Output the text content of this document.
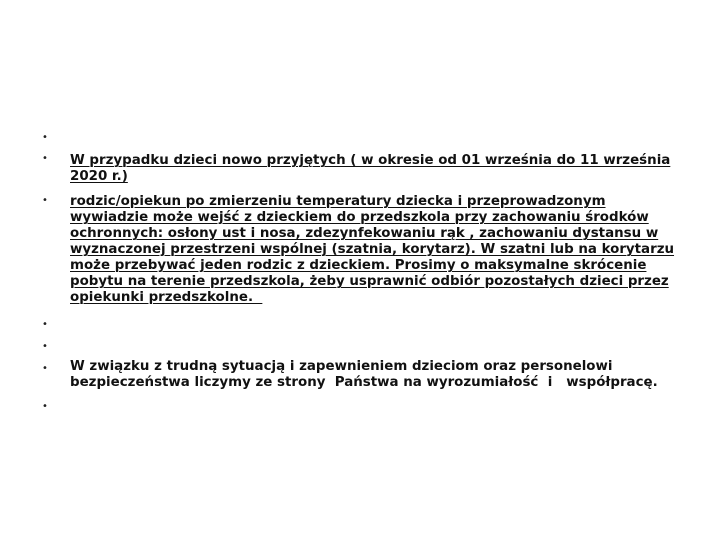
•
•
•
•
•
•
•

W przypadku dzieci nowo przyjętych ( w okresie od 01 września do 11 września
2020 r.)

rodzic/opiekun po zmierzeniu temperatury dziecka i przeprowadzonym
wywiadzie może wejść z dzieckiem do przedszkola przy zachowaniu środków
ochronnych: osłony ust i nosa, zdezynfekowaniu rąk , zachowaniu dystansu w
wyznaczonej przestrzeni wspólnej (szatnia, korytarz). W szatni lub na korytarzu
może przebywać jeden rodzic z dzieckiem. Prosimy o maksymalne skrócenie
pobytu na terenie przedszkola, żeby usprawnić odbiór pozostałych dzieci przez
opiekunki przedszkolne.

W związku z trudną sytuacją i zapewnieniem dzieciom oraz personelowi
bezpieczeństwa liczymy ze strony  Państwa na wyrozumiałość  i   współpracę.
